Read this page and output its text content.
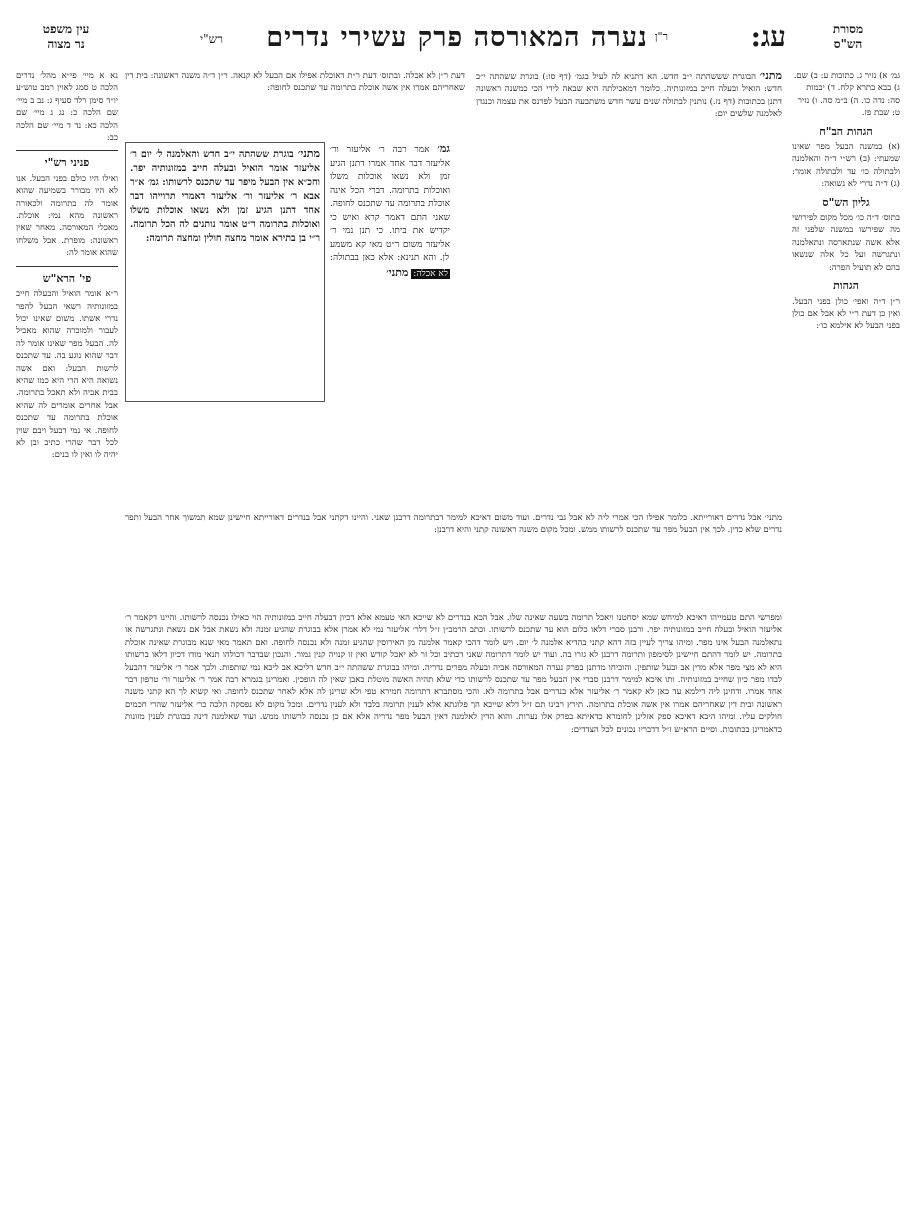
עין משפט
נר מצוה	עג:
ר"ן
נערה המאורסה פרק עשירי נדרים
רש"י
מסורת
הש"ס

גמ׳ א) נזיר ג. כתובות ע: ב) שם. ג) בבא בתרא קלח. ד) יבמות סה: נדה כו. ה) ב״מ סה. ו) נזיר ט: שבת פז.

הגהות הב"ח

(א) במשנה הבעל מפר שאינו שמעתי: (ב) רש״י ד״ה והאלמנה ולבתולה כו׳ עד ולבתולה אומר: (ג) ד״ה נדרי לא נשואה:

גליון הש"ס

בתוס׳ ד״ה כו׳ מכל מקום לפירושי מה שפירשו במשנה שלפני זה אלא אשה שנתארסה ונתאלמנה ונתגרשה ועל כל אלה שנשאו בהם לא תועיל הפרה:

הגהות

ר״ן ד״ה ואפי׳ כולן בפני הבעל. ואין כן דעת ר״י לא אבל אם כולן בפני הבעל לא אילמא כו׳:

נא א מיי׳ פי״א מהל׳ נדרים הלכה ט סמג לאוין רמב טוש״ע יו״ד סימן רלד סעיף ג: נב ב מיי׳ שם הלכה כ: נג ג מיי׳ שם הלכה כא: נד ד מיי׳ שם הלכה כב:

פניני רש"י

ואילו היו כולם בפני הבעל. אנו לא היו מבורר בשמיעה שהוא אומר לה בתרומה ולכאורה ראשונה מהא נמי: אוכלת. מאכלי המאורסה. מאחר שאין ראשונה: מופרת. אבל משלחו שהוא אומר לה:

פי' הרא"ש

ר״א אומר הואיל והבעלה חייב במזונותיה רשאי הבעל להפר נדרי אשתו. משום שאינו יכול לעבור ולמוכרה שהוא מאכיל לה. הבעל מפר שאינו אומר לה דבר שהוא נוגע בה. עד שתכנס לרשות הבעל: ואם אשה נשואה היא הרי היא כמו שהיא בבית אביה ולא תאכל בתרומה. אבל אחרים אומרים לה שהיא אוכלת בתרומה עד שתכנס לחופה. אי נמי דבעל ויבם שוין לכל דבר שהרי כתיב ובן לא יהיה לו ואין לו בנים:

מתני׳ הבוגרת שששהתה י״ב חדש. הא דתניא לה לעיל בגמ׳ (דף סו:) בוגרת ששהתה י״ב חדש: הואיל ובעלה חייב במזונותיה. כלומר דמאכילתה היא שבאה לידי הכי כמשנה ראשונה דתנן בכתובות (דף נז.) נותנין לבתולה שנים עשר חדש משתבעה הבעל לפרנס את עצמה וכנגדן לאלמנה שלשים יום:

דעת ר״ן לא אכלה. ובתוס׳ דעת ר״ת דאוכלת אפילו אם הבעל לא קנאה. ר״ן ד״ה משנה ראשונה: בית דין שאחריהם אמרו אין אשה אוכלת בתרומה עד שתכנס לחופה:

מתני׳ בוגרת ששהתה י״ב חדש והאלמנה ל׳ יום ר׳ אליעזר אומר הואיל ובעלה חייב במזונותיה יפר. וחכ״א אין הבעל מיפר עד שתכנס לרשותו: גמ׳ א״ר אבא ר׳ אליעזר ור׳ אליעזר דאמרי תרוייהו דבר אחד דתנן הגיע זמן ולא נשאו אוכלות משלו ואוכלות בתרומה ר״ט אומר נותנים לה הכל תרומה. ר״י בן בתירא אומר מחצה חולין ומחצה תרומה:

גמ׳ אמר רבה ר׳ אליעזר ור׳ אליעזר דבר אחד אמרו דתנן הגיע זמן ולא נשאו אוכלות משלו ואוכלות בתרומה. דברי הכל אינה אוכלת בתרומה עד שתכנס לחופה. שאני התם דאמר קרא ואיש כי יקדיש את ביתו. כי תנן נמי ר׳ אליעזר משום ר״ט מאי קא משמע לן. והא תנינא: אלא כאן בבתולה: לא אכלה: מתני׳

מתני׳ אבל נדרים דאורייתא. כלומר אפילו הכי אמרי ליה לא אבל גבי נדרים. ועוד משום דאיכא למימר דבתרומה דרבנן שאני. והיינו דקתני אבל בנדרים דאורייתא חיישינן שמא תמשוך אחר הבעל ותפר נדרים שלא כדין. לכך אין הבעל מפר עד שתכנס לרשותו ממש. ומכל מקום משנה ראשונה קתני והיא דרבנן:

ומפרשי התם טעמייהו דאיכא למיחש שמא יסחטנו ויאכל תרומה בשעה שאינה שלו. אבל הכא בנדרים לא שייכא האי טעמא אלא דכיון דבעלה חייב במזונותיה הוי כאילו נכנסה לרשותו. והיינו דקאמר ר׳ אליעזר הואיל ובעלה חייב במזונותיה יפר. ורבנן סברי דלאו כלום הוא עד שתכנס לרשותו. וכתב הרמב״ן ז״ל דלר׳ אליעזר נמי לא אמרן אלא בבוגרת שהגיע זמנה ולא נשאת אבל אם נשאת ונתגרשה או נתאלמנה הבעל אינו מפר. ומיהו צריך לעיין בזה דהא קתני בהדיא אלמנה ל׳ יום. ויש לומר דהכי קאמר אלמנה מן האירוסין שהגיע זמנה ולא נכנסה לחופה. ואם תאמר מאי שנא מבוגרת שאינה אוכלת בתרומה. יש לומר דהתם חיישינן לסימפון ותרומה דרבנן לא גזרו בה. ועוד יש לומר דתרומה שאני דכתיב וכל זר לא יאכל קודש ואין זו קנויה קנין גמור. והנכון שבדבר דכולהו תנאי מודו דכיון דלאו ברשותו היא לא מצי מפר אלא מדין אב ובעל שותפין. והוכיחו מדתנן בפרק נערה המאורסה אביה ובעלה מפרים נדריה. ומיהו בבוגרת ששהתה י״ב חדש דליכא אב ליכא נמי שותפות. ולכך אמר ר׳ אליעזר דהבעל לבדו מפר כיון שחייב במזונותיה. ותו איכא למימר דרבנן סברי אין הבעל מפר עד שתכנס לרשותו כדי שלא תהיה האשה מוטלת כאבן שאין לה הופכין. ואמרינן בגמרא רבה אמר ר׳ אליעזר ור׳ טרפון דבר אחד אמרו. ודחינן ליה דילמא עד כאן לא קאמר ר׳ אליעזר אלא בנדרים אבל בתרומה לא. והכי מסתברא דתרומה חמירא טפי ולא שרינן לה אלא לאחר שתכנס לחופה. ואי קשיא לך הא קתני משנה ראשונה ובית דין שאחריהם אמרו אין אשה אוכלת בתרומה. תירץ רבינו תם ז״ל דלא שייכא הך פלוגתא אלא לענין תרומה בלבד ולא לענין נדרים. ומכל מקום לא נפסקה הלכה כר׳ אליעזר שהרי חכמים חולקים עליו. ומיהו היכא דאיכא ספק אזלינן לחומרא כדאיתא בפרק אלו נערות. והוא הדין לאלמנה דאין הבעל מפר נדריה אלא אם כן נכנסה לרשותו ממש. ועוד שאלמנה דינה כבוגרת לענין מזונות כדאמרינן בכתובות. וסיים הרא״ש ז״ל דדבריו נכונים לכל הצדדים:
